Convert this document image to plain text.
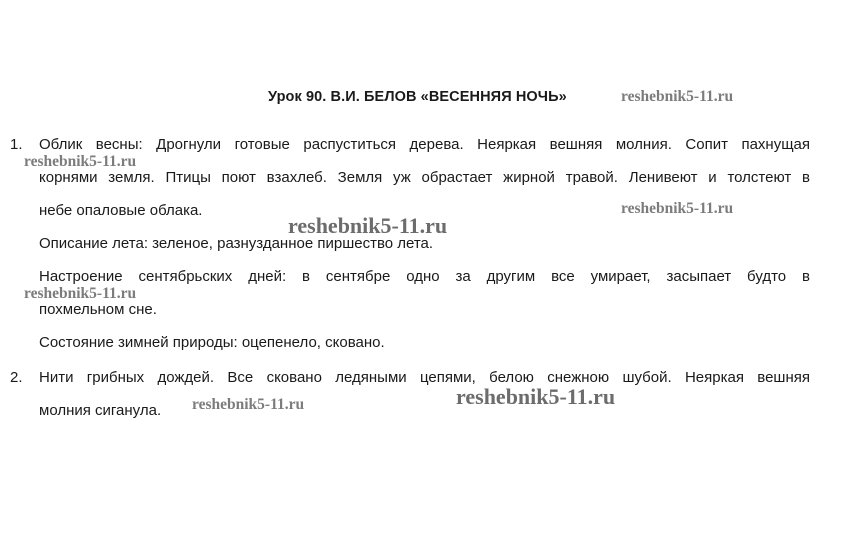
Урок 90. В.И. БЕЛОВ «ВЕСЕННЯЯ НОЧЬ»
1. Облик весны: Дрогнули готовые распуститься дерева. Неяркая вешняя молния. Сопит пахнущая
корнями земля. Птицы поют взахлеб. Земля уж обрастает жирной травой. Ленивеют и толстеют в
небе опаловые облака.
Описание лета: зеленое, разнузданное пиршество лета.
Настроение сентябрьских дней: в сентябре одно за другим все умирает, засыпает будто в
похмельном сне.
Состояние зимней природы: оцепенело, сковано.
2. Нити грибных дождей. Все сковано ледяными цепями, белою снежною шубой. Неяркая вешняя
молния сиганула.
reshebnik5-11.ru
reshebnik5-11.ru
reshebnik5-11.ru
reshebnik5-11.ru
reshebnik5-11.ru
reshebnik5-11.ru	reshebnik5-11.ru
